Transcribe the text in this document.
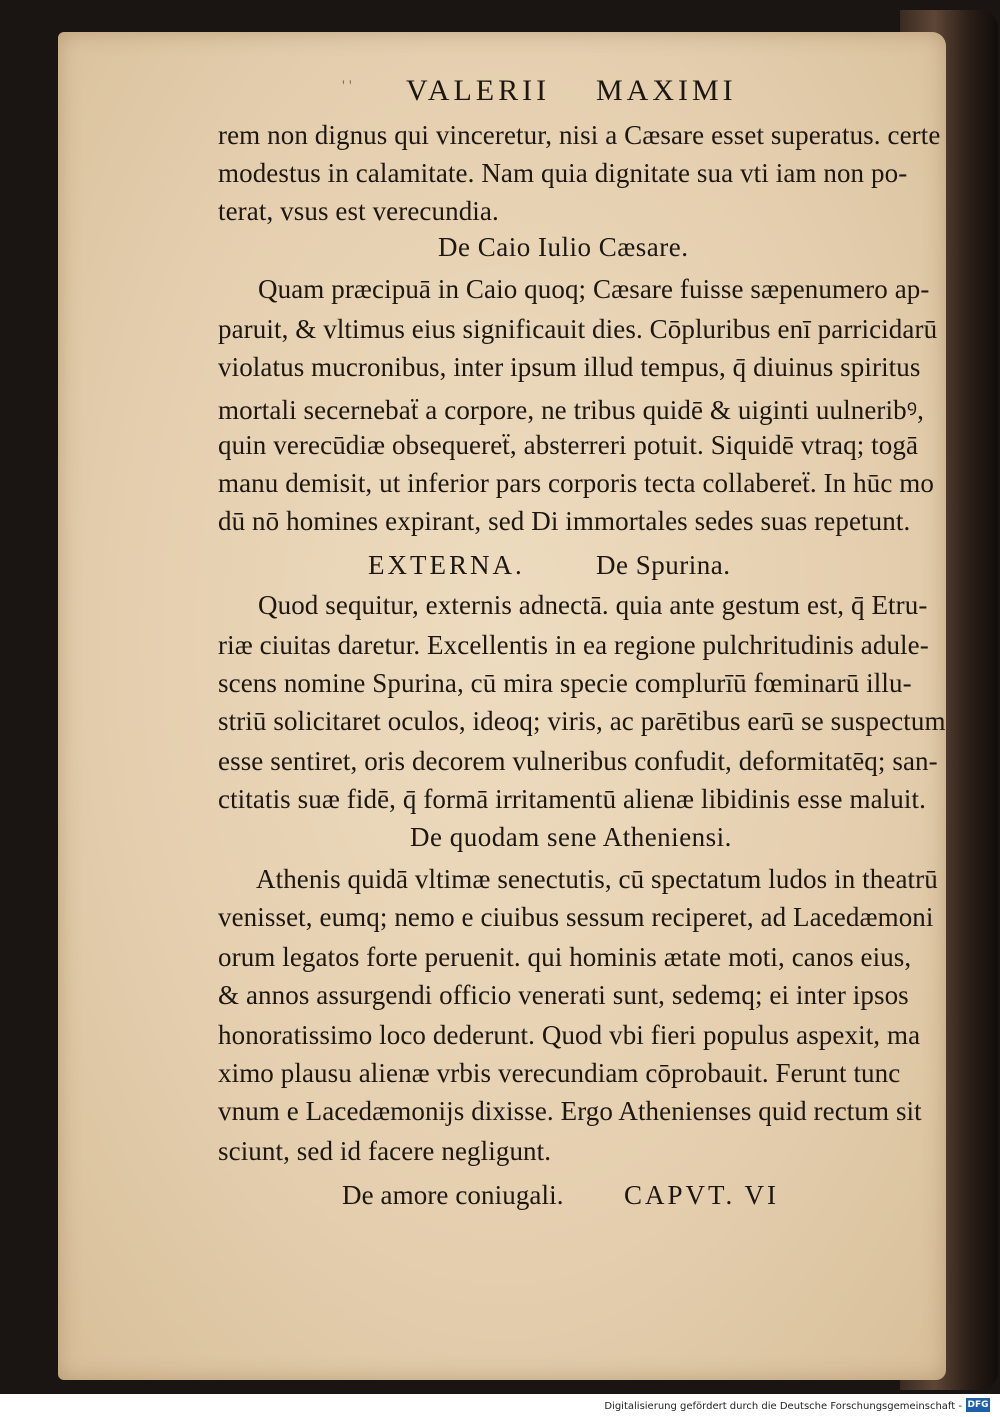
' ' VALERII MAXIMI
rem non dignus qui vinceretur, nisi a Cæsare esset superatus. certe
modestus in calamitate. Nam quia dignitate sua vti iam non po-
terat, vsus est verecundia.
De Caio Iulio Cæsare.
Quam præcipuā in Caio quoq; Cæsare fuisse sæpenumero ap-
paruit, & vltimus eius significauit dies. Cōpluribus enī parricidarū
violatus mucronibus, inter ipsum illud tempus, q̄ diuinus spiritus
mortali secernebaẗ a corpore, ne tribus quidē & uiginti uulneribꝰ,
quin verecūdiæ obsequereẗ, absterreri potuit. Siquidē vtraq; togā
manu demisit, ut inferior pars corporis tecta collabereẗ. In hūc mo
dū nō homines expirant, sed Di immortales sedes suas repetunt.
EXTERNA.	De Spurina.
Quod sequitur, externis adnectā. quia ante gestum est, q̄ Etru-
riæ ciuitas daretur. Excellentis in ea regione pulchritudinis adule-
scens nomine Spurina, cū mira specie complurīū fœminarū illu-
striū solicitaret oculos, ideoq; viris, ac parētibus earū se suspectum
esse sentiret, oris decorem vulneribus confudit, deformitatēq; san-
ctitatis suæ fidē, q̄ formā irritamentū alienæ libidinis esse maluit.
De quodam sene Atheniensi.
Athenis quidā vltimæ senectutis, cū spectatum ludos in theatrū
venisset, eumq; nemo e ciuibus sessum reciperet, ad Lacedæmoni
orum legatos forte peruenit. qui hominis ætate moti, canos eius,
& annos assurgendi officio venerati sunt, sedemq; ei inter ipsos
honoratissimo loco dederunt. Quod vbi fieri populus aspexit, ma
ximo plausu alienæ vrbis verecundiam cōprobauit. Ferunt tunc
vnum e Lacedæmonijs dixisse. Ergo Athenienses quid rectum sit
sciunt, sed id facere negligunt.
De amore coniugali. CAPVT. VI
Digitalisierung gefördert durch die Deutsche Forschungsgemeinschaft - DFG
